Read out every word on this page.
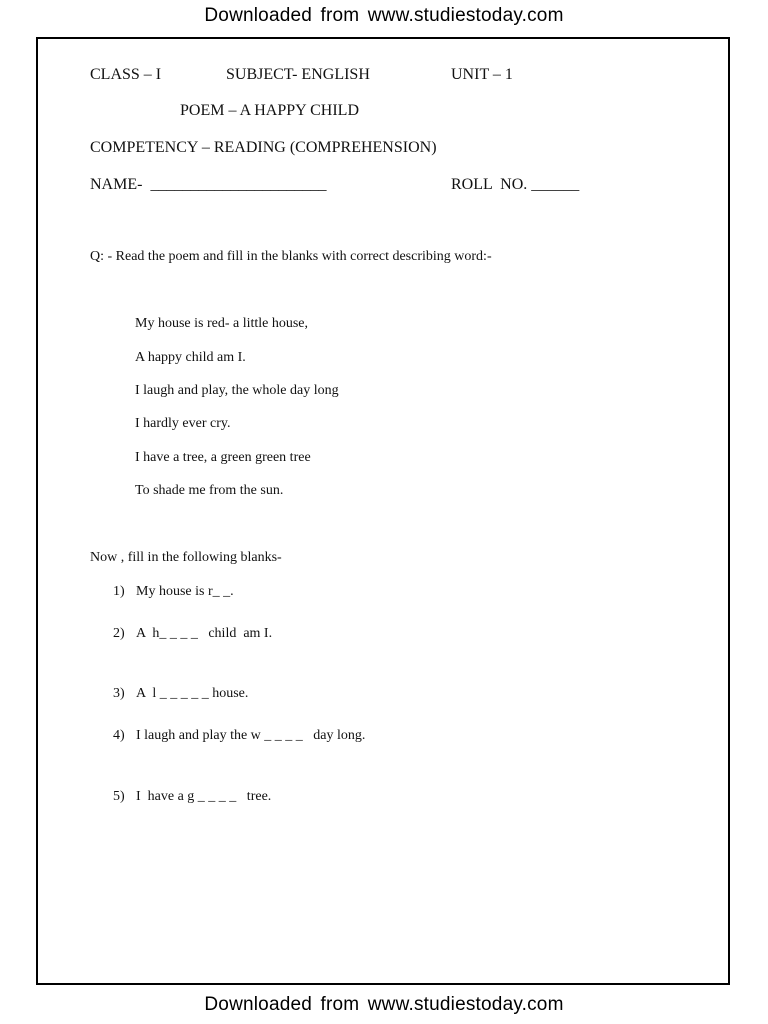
Downloaded from www.studiestoday.com
CLASS – I	SUBJECT- ENGLISH	UNIT – 1
POEM – A HAPPY CHILD
COMPETENCY – READING (COMPREHENSION)
NAME-  ______________________	ROLL  NO. ______
Q: - Read the poem and fill in the blanks with correct describing word:-
My house is red- a little house,
A happy child am I.
I laugh and play, the whole day long
I hardly ever cry.
I have a tree, a green green tree
To shade me from the sun.
Now , fill in the following blanks-
1) My house is r_ _.
2) A  h_ _ _ _   child  am I.
3) A  l _ _ _ _ _ house.
4) I laugh and play the w _ _ _ _   day long.
5) I  have a g _ _ _ _   tree.
Downloaded from www.studiestoday.com
